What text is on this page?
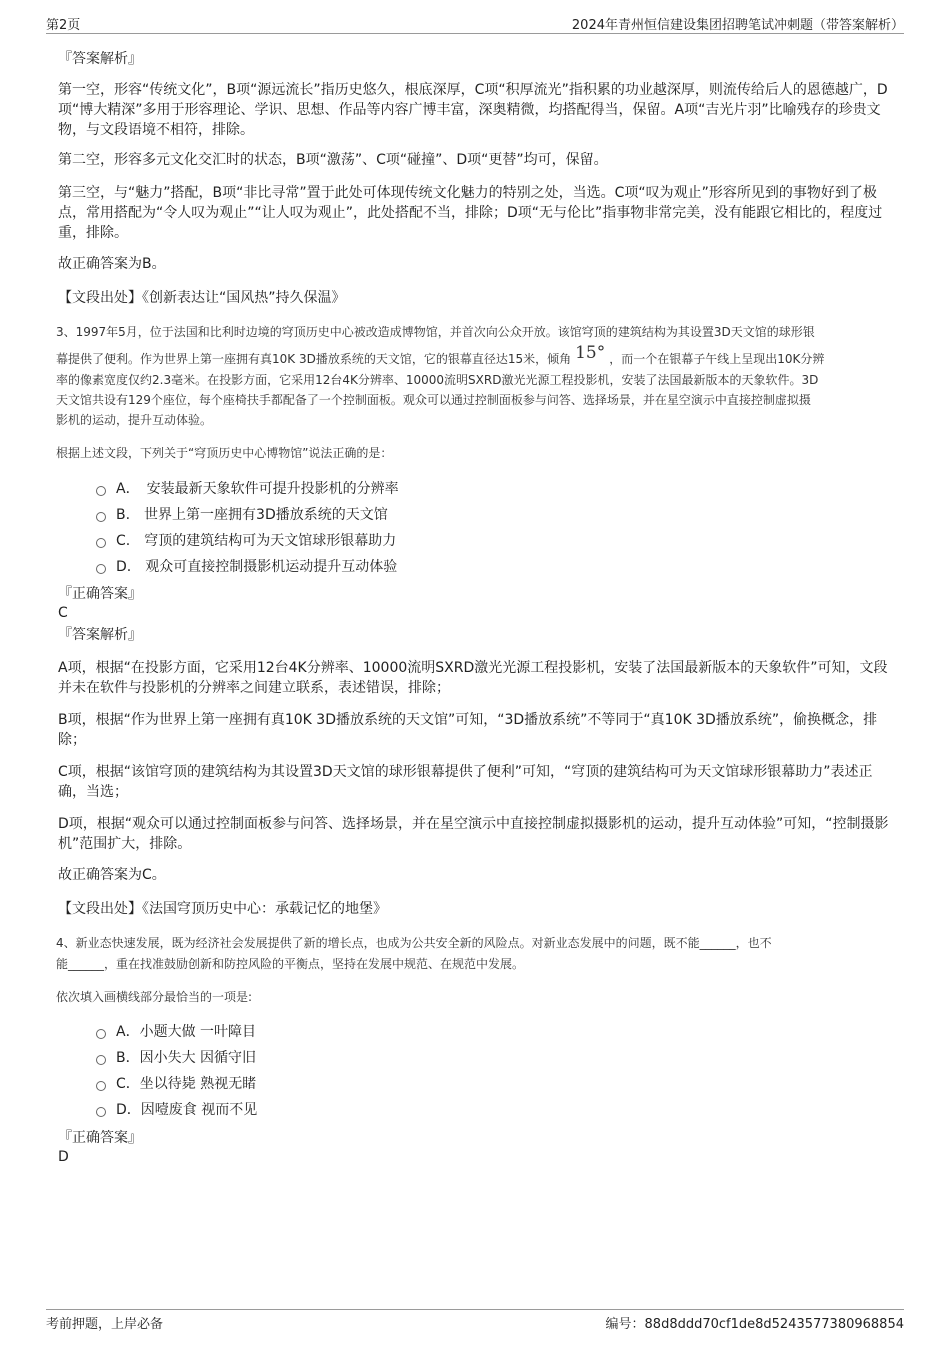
第2页	2024年青州恒信建设集团招聘笔试冲刺题（带答案解析）
『答案解析』
第一空，形容“传统文化”，B项“源远流长”指历史悠久，根底深厚，C项“积厚流光”指积累的功业越深厚，则流传给后人的恩德越广，D项“博大精深”多用于形容理论、学识、思想、作品等内容广博丰富，深奥精微，均搭配得当，保留。A项“吉光片羽”比喻残存的珍贵文物，与文段语境不相符，排除。
第二空，形容多元文化交汇时的状态，B项“激荡”、C项“碰撞”、D项“更替”均可，保留。
第三空，与“魅力”搭配，B项“非比寻常”置于此处可体现传统文化魅力的特别之处，当选。C项“叹为观止”形容所见到的事物好到了极点，常用搭配为“令人叹为观止”“让人叹为观止”，此处搭配不当，排除；D项“无与伦比”指事物非常完美，没有能跟它相比的，程度过重，排除。
故正确答案为B。
【文段出处】《创新表达让“国风热”持久保温》
3、1997年5月，位于法国和比利时边境的穹顶历史中心被改造成博物馆，并首次向公众开放。该馆穹顶的建筑结构为其设置3D天文馆的球形银
幕提供了便利。作为世界上第一座拥有真10K 3D播放系统的天文馆，它的银幕直径达15米，倾角 15° ，而一个在银幕子午线上呈现出10K分辨
率的像素宽度仅约2.3毫米。在投影方面，它采用12台4K分辨率、10000流明SXRD激光光源工程投影机，安装了法国最新版本的天象软件。3D
天文馆共设有129个座位，每个座椅扶手都配备了一个控制面板。观众可以通过控制面板参与问答、选择场景，并在星空演示中直接控制虚拟摄
影机的运动，提升互动体验。
根据上述文段，下列关于“穹顶历史中心博物馆”说法正确的是：
A．　安装最新天象软件可提升投影机的分辨率
B.　世界上第一座拥有3D播放系统的天文馆
C.　穹顶的建筑结构可为天文馆球形银幕助力
D.　观众可直接控制摄影机运动提升互动体验
『正确答案』
C
『答案解析』
A项，根据“在投影方面，它采用12台4K分辨率、10000流明SXRD激光光源工程投影机，安装了法国最新版本的天象软件”可知，文段并未在软件与投影机的分辨率之间建立联系，表述错误，排除；
B项，根据“作为世界上第一座拥有真10K 3D播放系统的天文馆”可知，“3D播放系统”不等同于“真10K 3D播放系统”，偷换概念，排除；
C项，根据“该馆穹顶的建筑结构为其设置3D天文馆的球形银幕提供了便利”可知，“穹顶的建筑结构可为天文馆球形银幕助力”表述正确，当选；
D项，根据“观众可以通过控制面板参与问答、选择场景，并在星空演示中直接控制虚拟摄影机的运动，提升互动体验”可知，“控制摄影机”范围扩大，排除。
故正确答案为C。
【文段出处】《法国穹顶历史中心：承载记忆的地堡》
4、新业态快速发展，既为经济社会发展提供了新的增长点，也成为公共安全新的风险点。对新业态发展中的问题，既不能______，也不
能______，重在找准鼓励创新和防控风险的平衡点，坚持在发展中规范、在规范中发展。
依次填入画横线部分最恰当的一项是:
A．小题大做 一叶障目
B．因小失大 因循守旧
C．坐以待毙 熟视无睹
D．因噎废食 视而不见
『正确答案』
D
考前押题，上岸必备	编号：88d8ddd70cf1de8d5243577380968854
